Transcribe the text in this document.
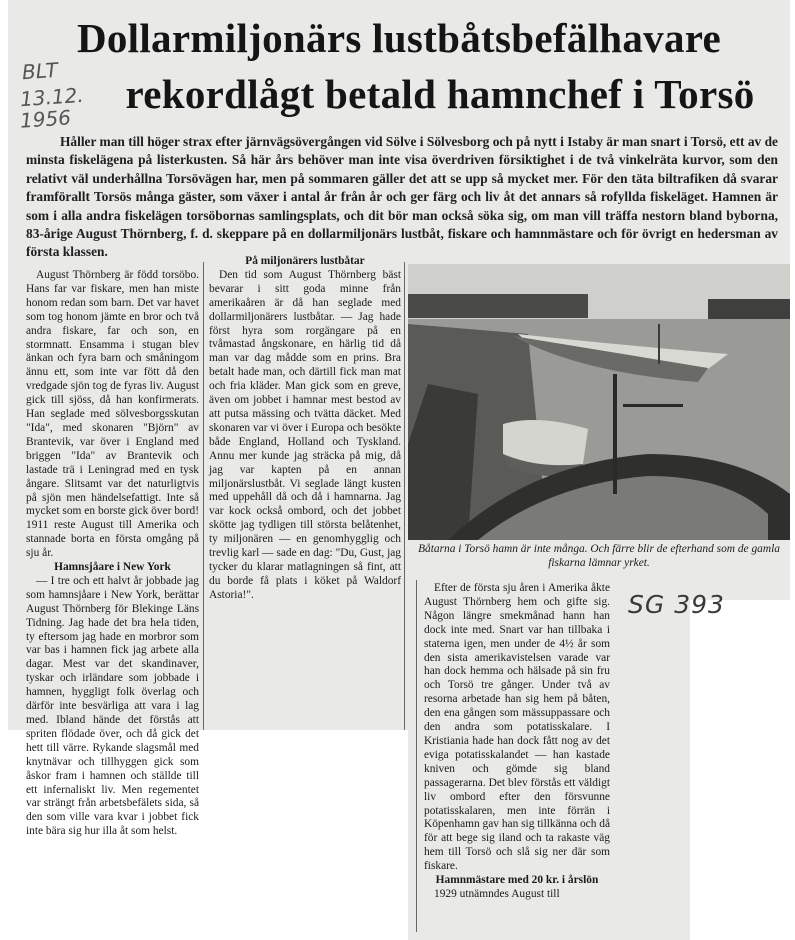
Dollarmiljonärs lustbåtsbefälhavare
rekordlågt betald hamnchef i Torsö
BLT
13.12.
1956

Håller man till höger strax efter järnvägsövergången vid Sölve i Sölvesborg och på nytt i Istaby är man snart i Torsö, ett av de minsta fiskelägena på listerkusten. Så här års behöver man inte visa överdriven försiktighet i de två vinkelräta kurvor, som den relativt väl underhållna Torsövägen har, men på sommaren gäller det att se upp så mycket mer. För den täta biltrafiken då svarar framförallt Torsös många gäster, som växer i antal år från år och ger färg och liv åt det annars så rofyllda fiskeläget. Hamnen är som i alla andra fiskelägen torsöbornas samlingsplats, och dit bör man också söka sig, om man vill träffa nestorn bland byborna, 83-årige August Thörnberg, f. d. skeppare på en dollarmiljonärs lustbåt, fiskare och hamnmästare och för övrigt en hedersman av första klassen.

August Thörnberg är född torsöbo. Hans far var fiskare, men han miste honom redan som barn. Det var havet som tog honom jämte en bror och två andra fiskare, far och son, en stormnatt. Ensamma i stugan blev änkan och fyra barn och småningom ännu ett, som inte var fött då den vredgade sjön tog de fyras liv. August gick till sjöss, då han konfirmerats. Han seglade med sölvesborgsskutan "Ida", med skonaren "Björn" av Brantevik, var över i England med briggen "Ida" av Brantevik och lastade trä i Leningrad med en tysk ångare. Slitsamt var det naturligtvis på sjön men händelsefattigt. Inte så mycket som en borste gick över bord! 1911 reste August till Amerika och stannade borta en första omgång på sju år.

Hamnsjåare i New York

— I tre och ett halvt år jobbade jag som hamnsjåare i New York, berättar August Thörnberg för Blekinge Läns Tidning. Jag hade det bra hela tiden, ty eftersom jag hade en morbror som var bas i hamnen fick jag arbete alla dagar. Mest var det skandinaver, tyskar och irländare som jobbade i hamnen, hyggligt folk överlag och därför inte besvärliga att vara i lag med. Ibland hände det förstås att spriten flödade över, och då gick det hett till värre. Rykande slagsmål med knytnävar och tillhyggen gick som åskor fram i hamnen och ställde till ett infernaliskt liv. Men regementet var strängt från arbetsbefälets sida, så den som ville vara kvar i jobbet fick inte bära sig hur illa åt som helst.

På miljonärers lustbåtar

Den tid som August Thörnberg bäst bevarar i sitt goda minne från amerikaåren är då han seglade med dollarmiljonärers lustbåtar. — Jag hade först hyra som rorgängare på en tvåmastad ångskonare, en härlig tid då man var dag mådde som en prins. Bra betalt hade man, och därtill fick man mat och fria kläder. Man gick som en greve, även om jobbet i hamnar mest bestod av att putsa mässing och tvätta däcket. Med skonaren var vi över i Europa och besökte både England, Holland och Tyskland. Annu mer kunde jag sträcka på mig, då jag var kapten på en annan miljonärslustbåt. Vi seglade längt kusten med uppehåll då och då i hamnarna. Jag var kock också ombord, och det jobbet skötte jag tydligen till största belåtenhet, ty miljonären — en genomhygglig och trevlig karl — sade en dag: "Du, Gust, jag tycker du klarar matlagningen så fint, att du borde få plats i köket på Waldorf Astoria!".

Båtarna i Torsö hamn är inte många. Och färre blir de efterhand som de gamla fiskarna lämnar yrket.

SG 393

Efter de första sju åren i Amerika åkte August Thörnberg hem och gifte sig. Någon längre smekmånad hann han dock inte med. Snart var han tillbaka i staterna igen, men under de 4½ år som den sista amerikavistelsen varade var han dock hemma och hälsade på sin fru och Torsö tre gånger. Under två av resorna arbetade han sig hem på båten, den ena gången som mässuppassare och den andra som potatisskalare. I Kristiania hade han dock fått nog av det eviga potatisskalandet — han kastade kniven och gömde sig bland passagerarna. Det blev förstås ett väldigt liv ombord efter den försvunne potatisskalaren, men inte förrän i Köpenhamn gav han sig tillkänna och då för att bege sig iland och ta rakaste väg hem till Torsö och slå sig ner där som fiskare.

Hamnmästare med 20 kr. i årslön

1929 utnämndes August till
